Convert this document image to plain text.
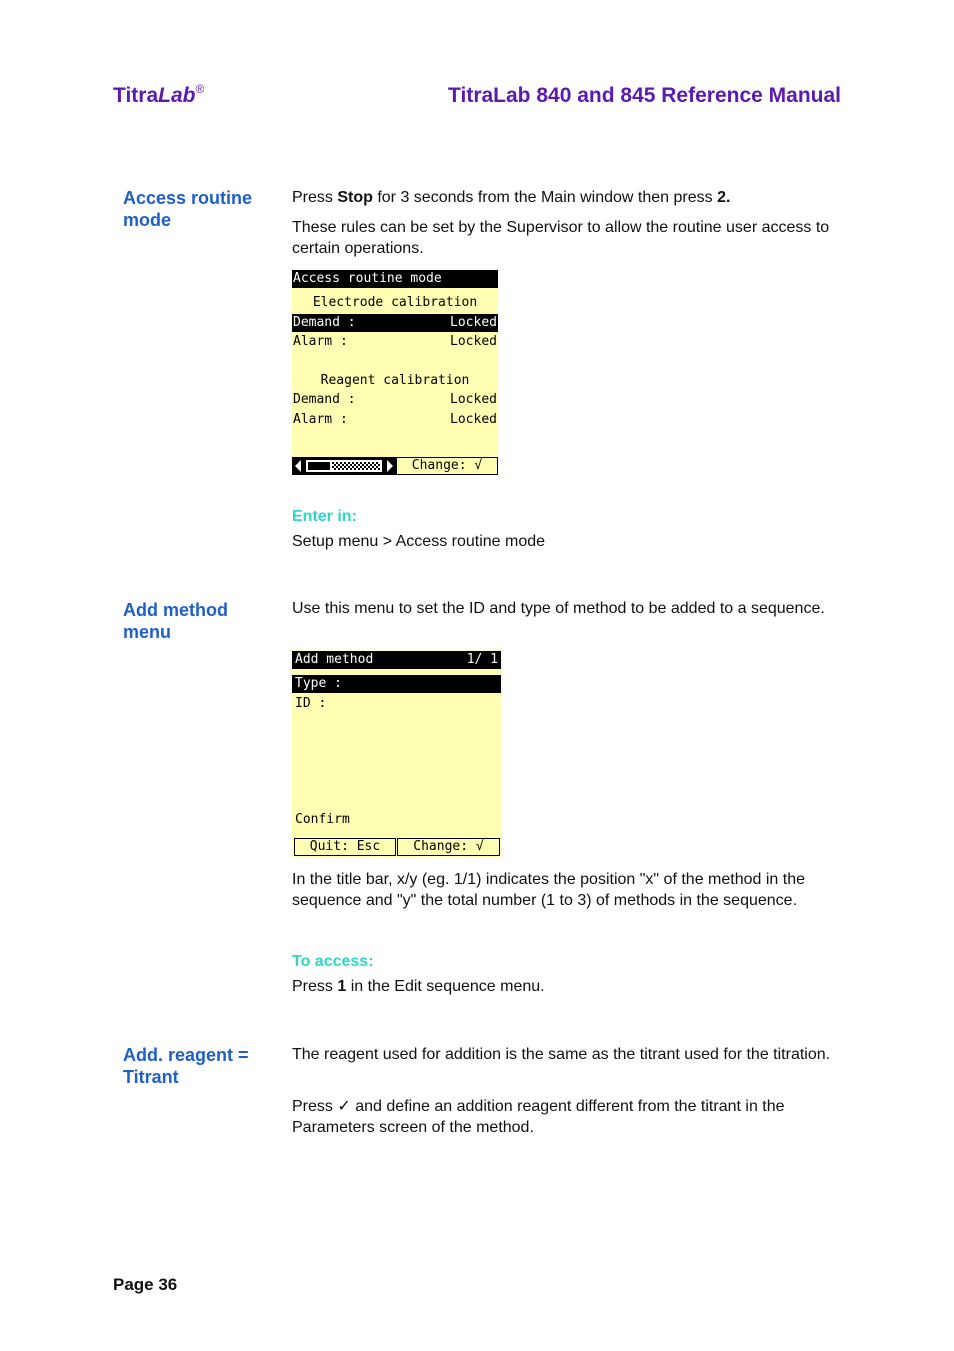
TitraLab®	TitraLab 840 and 845 Reference Manual
Access routine mode
Press Stop for 3 seconds from the Main window then press 2.
These rules can be set by the Supervisor to allow the routine user access to certain operations.
Access routine mode
Electrode calibration
Demand :	Locked
Alarm :	Locked
Reagent calibration
Demand :	Locked
Alarm :	Locked
Change: √
Enter in:
Setup menu > Access routine mode
Add method menu
Use this menu to set the ID and type of method to be added to a sequence.
Add method	1/ 1
Type :
ID :
Confirm
Quit: Esc	Change: √
In the title bar, x/y (eg. 1/1) indicates the position "x" of the method in the sequence and "y" the total number (1 to 3) of methods in the sequence.
To access:
Press 1 in the Edit sequence menu.
Add. reagent = Titrant
The reagent used for addition is the same as the titrant used for the titration.
Press ✓ and define an addition reagent different from the titrant in the Parameters screen of the method.
Page 36
